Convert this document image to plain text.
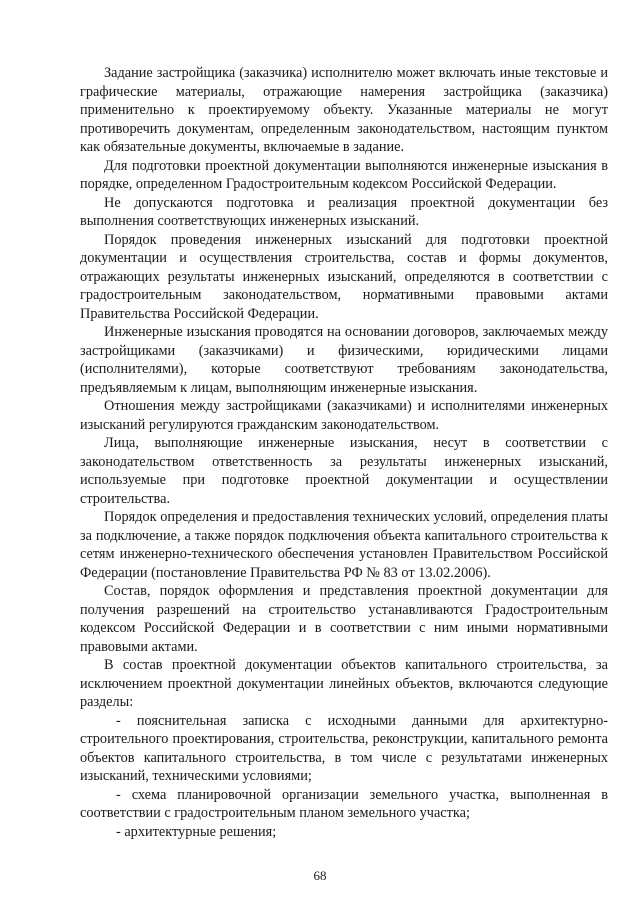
Задание застройщика (заказчика) исполнителю может включать иные текстовые и графические материалы, отражающие намерения застройщика (заказчика) применительно к проектируемому объекту. Указанные материалы не могут противоречить документам, определенным законодательством, настоящим пунктом как обязательные документы, включаемые в задание.

Для подготовки проектной документации выполняются инженерные изыскания в порядке, определенном Градостроительным кодексом Российской Федерации.

Не допускаются подготовка и реализация проектной документации без выполнения соответствующих инженерных изысканий.

Порядок проведения инженерных изысканий для подготовки проектной документации и осуществления строительства, состав и формы документов, отражающих результаты инженерных изысканий, определяются в соответствии с градостроительным законодательством, нормативными правовыми актами Правительства Российской Федерации.

Инженерные изыскания проводятся на основании договоров, заключаемых между застройщиками (заказчиками) и физическими, юридическими лицами (исполнителями), которые соответствуют требованиям законодательства, предъявляемым к лицам, выполняющим инженерные изыскания.

Отношения между застройщиками (заказчиками) и исполнителями инженерных изысканий регулируются гражданским законодательством.

Лица, выполняющие инженерные изыскания, несут в соответствии с законодательством ответственность за результаты инженерных изысканий, используемые при подготовке проектной документации и осуществлении строительства.

Порядок определения и предоставления технических условий, определения платы за подключение, а также порядок подключения объекта капитального строительства к сетям инженерно-технического обеспечения установлен Правительством Российской Федерации (постановление Правительства РФ № 83 от 13.02.2006).

Состав, порядок оформления и представления проектной документации для получения разрешений на строительство устанавливаются Градостроительным кодексом Российской Федерации и в соответствии с ним иными нормативными правовыми актами.

В состав проектной документации объектов капитального строительства, за исключением проектной документации линейных объектов, включаются следующие разделы:

- пояснительная записка с исходными данными для архитектурно-строительного проектирования, строительства, реконструкции, капитального ремонта объектов капитального строительства, в том числе с результатами инженерных изысканий, техническими условиями;

- схема планировочной организации земельного участка, выполненная в соответствии с градостроительным планом земельного участка;

- архитектурные решения;

68
